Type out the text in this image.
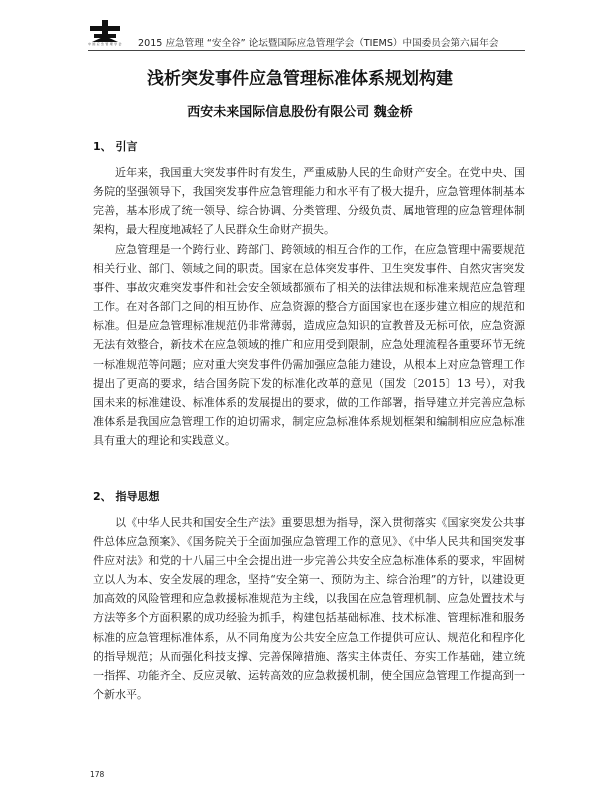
中 国 应 急 管 理 学 会	2015 应急管理 “安全谷” 论坛暨国际应急管理学会（TIEMS）中国委员会第六届年会
浅析突发事件应急管理标准体系规划构建
西安未来国际信息股份有限公司 魏金桥
1、 引言
近年来，我国重大突发事件时有发生，严重威胁人民的生命财产安全。在党中央、国务院的坚强领导下，我国突发事件应急管理能力和水平有了极大提升，应急管理体制基本完善，基本形成了统一领导、综合协调、分类管理、分级负责、属地管理的应急管理体制架构，最大程度地减轻了人民群众生命财产损失。
应急管理是一个跨行业、跨部门、跨领域的相互合作的工作，在应急管理中需要规范相关行业、部门、领域之间的职责。国家在总体突发事件、卫生突发事件、自然灾害突发事件、事故灾难突发事件和社会安全领域都颁布了相关的法律法规和标准来规范应急管理工作。在对各部门之间的相互协作、应急资源的整合方面国家也在逐步建立相应的规范和标准。但是应急管理标准规范仍非常薄弱，造成应急知识的宣教普及无标可依，应急资源无法有效整合，新技术在应急领域的推广和应用受到限制，应急处理流程各重要环节无统一标准规范等问题；应对重大突发事件仍需加强应急能力建设，从根本上对应急管理工作提出了更高的要求，结合国务院下发的标准化改革的意见（国发〔2015〕13 号），对我国未来的标准建设、标准体系的发展提出的要求，做的工作部署，指导建立并完善应急标准体系是我国应急管理工作的迫切需求，制定应急标准体系规划框架和编制相应应急标准具有重大的理论和实践意义。
2、 指导思想
以《中华人民共和国安全生产法》重要思想为指导，深入贯彻落实《国家突发公共事件总体应急预案》、《国务院关于全面加强应急管理工作的意见》、《中华人民共和国突发事件应对法》和党的十八届三中全会提出进一步完善公共安全应急标准体系的要求，牢固树立以人为本、安全发展的理念，坚持“安全第一、预防为主、综合治理”的方针，以建设更加高效的风险管理和应急救援标准规范为主线，以我国在应急管理机制、应急处置技术与方法等多个方面积累的成功经验为抓手，构建包括基础标准、技术标准、管理标准和服务标准的应急管理标准体系，从不同角度为公共安全应急工作提供可应认、规范化和程序化的指导规范；从而强化科技支撑、完善保障措施、落实主体责任、夯实工作基础，建立统一指挥、功能齐全、反应灵敏、运转高效的应急救援机制，使全国应急管理工作提高到一个新水平。
178
